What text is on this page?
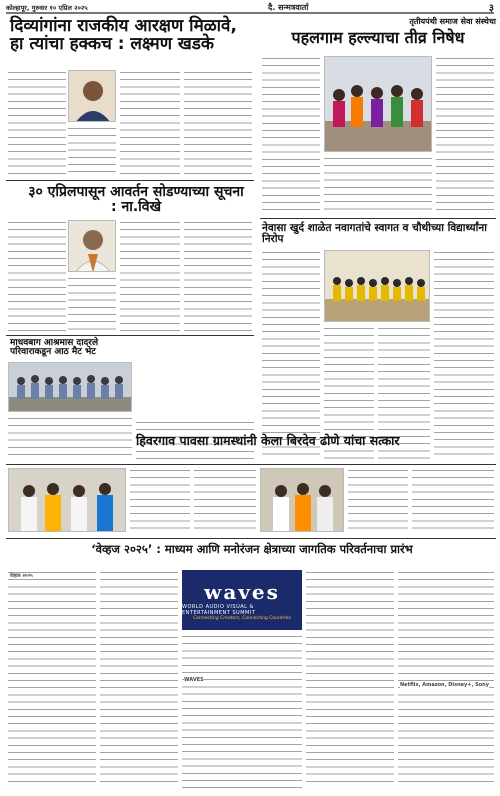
कोल्हापूर, गुरुवार १० एप्रिल २०२५	दै. सन्मत्रवार्ता	३
दिव्यांगांना राजकीय आरक्षण मिळावे, हा त्यांचा हक्कच : लक्ष्मण खडके
३० एप्रिलपासून आवर्तन सोडण्याच्या सूचना : ना.विखे
माधवबाग आश्रमास दादरले परिवाराकडून आठ मैट भेट
तृतीयपंथी समाज सेवा संस्थेचा
पहलगाम हल्ल्याचा तीव्र निषेध
नेवासा खुर्द शाळेत नवागतांचे स्वागत व चौथीच्या विद्यार्थ्यांना निरोप
हिवरगाव पावसा ग्रामस्थांनी केला बिरदेव ढोणे यांचा सत्कार
‘वेव्हज २०२५’ : माध्यम आणि मनोरंजन क्षेत्राच्या जागतिक परिवर्तनाचा प्रारंभ
waves
WORLD AUDIO VISUAL & ENTERTAINMENT SUMMIT
Connecting Creators, Connecting Countries
वेव्हज २०२५
WAVES
Netflix, Amazon, Disney+, Sony
